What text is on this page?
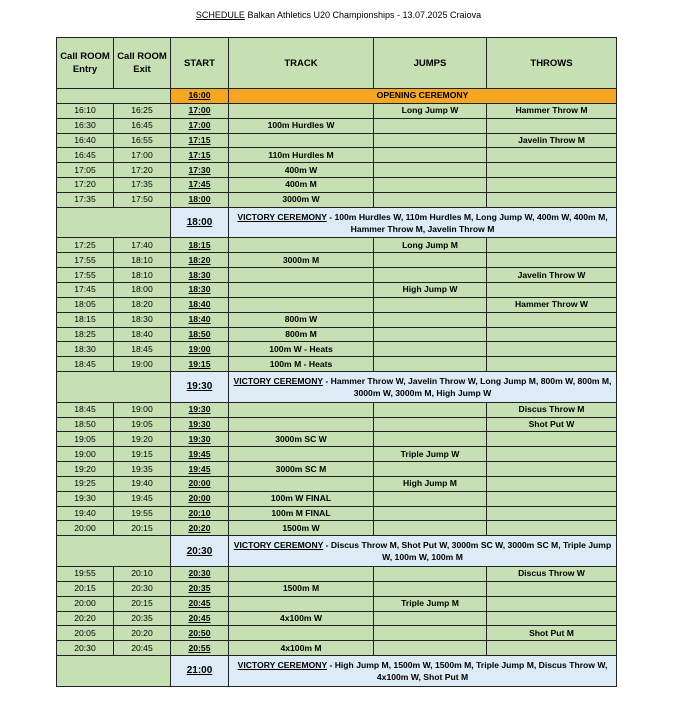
SCHEDULE Balkan Athletics U20 Championships - 13.07.2025 Craiova
Call ROOM Entry	Call ROOM Exit	START	TRACK	JUMPS	THROWS
		16:00	OPENING CEREMONY		
16:10	16:25	17:00		Long Jump W	Hammer Throw M
16:30	16:45	17:00	100m Hurdles W		
16:40	16:55	17:15			Javelin Throw M
16:45	17:00	17:15	110m Hurdles M		
17:05	17:20	17:30	400m W		
17:20	17:35	17:45	400m M		
17:35	17:50	18:00	3000m W		
		18:00	VICTORY CEREMONY - 100m Hurdles W, 110m Hurdles M, Long Jump W, 400m W, 400m M, Hammer Throw M, Javelin Throw M		
17:25	17:40	18:15		Long Jump M	
17:55	18:10	18:20	3000m M		
17:55	18:10	18:30			Javelin Throw W
17:45	18:00	18:30		High Jump W	
18:05	18:20	18:40			Hammer Throw W
18:15	18:30	18:40	800m W		
18:25	18:40	18:50	800m M		
18:30	18:45	19:00	100m W - Heats		
18:45	19:00	19:15	100m M - Heats		
		19:30	VICTORY CEREMONY - Hammer Throw W, Javelin Throw W, Long Jump M, 800m W, 800m M, 3000m W, 3000m M, High Jump W		
18:45	19:00	19:30			Discus Throw M
18:50	19:05	19:30			Shot Put W
19:05	19:20	19:30	3000m SC W		
19:00	19:15	19:45		Triple Jump W	
19:20	19:35	19:45	3000m SC M		
19:25	19:40	20:00		High Jump M	
19:30	19:45	20:00	100m W FINAL		
19:40	19:55	20:10	100m M FINAL		
20:00	20:15	20:20	1500m W		
		20:30	VICTORY CEREMONY - Discus Throw M, Shot Put W, 3000m SC W, 3000m SC M, Triple Jump W, 100m W, 100m M		
19:55	20:10	20:30			Discus Throw W
20:15	20:30	20:35	1500m M		
20:00	20:15	20:45		Triple Jump M	
20:20	20:35	20:45	4x100m W		
20:05	20:20	20:50			Shot Put M
20:30	20:45	20:55	4x100m M		
		21:00	VICTORY CEREMONY - High Jump M, 1500m W, 1500m M, Triple Jump M, Discus Throw W, 4x100m W, Shot Put M		
